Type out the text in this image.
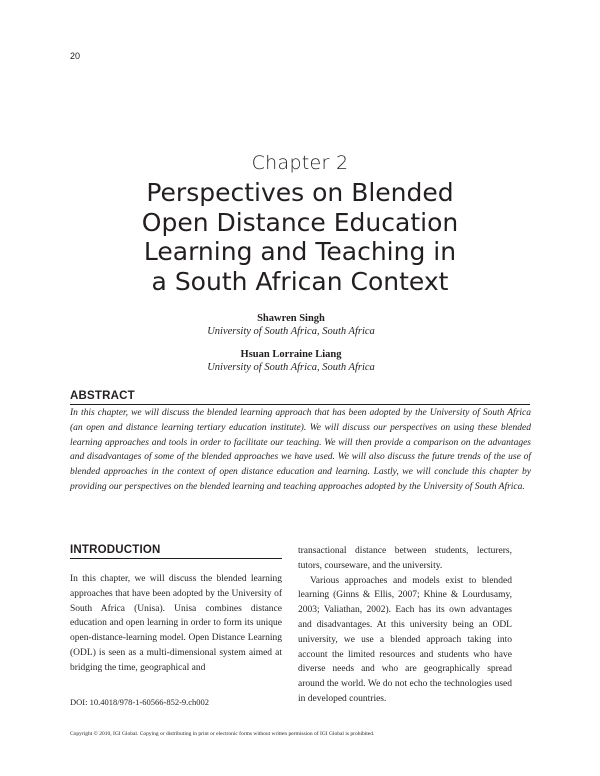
20
Chapter 2
Perspectives on Blended
Open Distance Education
Learning and Teaching in
a South African Context
Shawren Singh
University of South Africa, South Africa
Hsuan Lorraine Liang
University of South Africa, South Africa
ABSTRACT

In this chapter, we will discuss the blended learning approach that has been adopted by the University of South Africa (an open and distance learning tertiary education institute). We will discuss our perspectives on using these blended learning approaches and tools in order to facilitate our teaching. We will then provide a comparison on the advantages and disadvantages of some of the blended approaches we have used. We will also discuss the future trends of the use of blended approaches in the context of open distance education and learning. Lastly, we will conclude this chapter by providing our perspectives on the blended learning and teaching approaches adopted by the University of South Africa.

INTRODUCTION

In this chapter, we will discuss the blended learning approaches that have been adopted by the University of South Africa (Unisa). Unisa combines distance education and open learning in order to form its unique open-distance-learning model. Open Distance Learning (ODL) is seen as a multi-dimensional system aimed at bridging the time, geographical and

transactional distance between students, lecturers, tutors, courseware, and the university.

Various approaches and models exist to blended learning (Ginns & Ellis, 2007; Khine & Lourdusamy, 2003; Valiathan, 2002). Each has its own advantages and disadvantages. At this university being an ODL university, we use a blended approach taking into account the limited resources and students who have diverse needs and who are geographically spread around the world. We do not echo the technologies used in developed countries.

DOI: 10.4018/978-1-60566-852-9.ch002
Copyright © 2010, IGI Global. Copying or distributing in print or electronic forms without written permission of IGI Global is prohibited.
